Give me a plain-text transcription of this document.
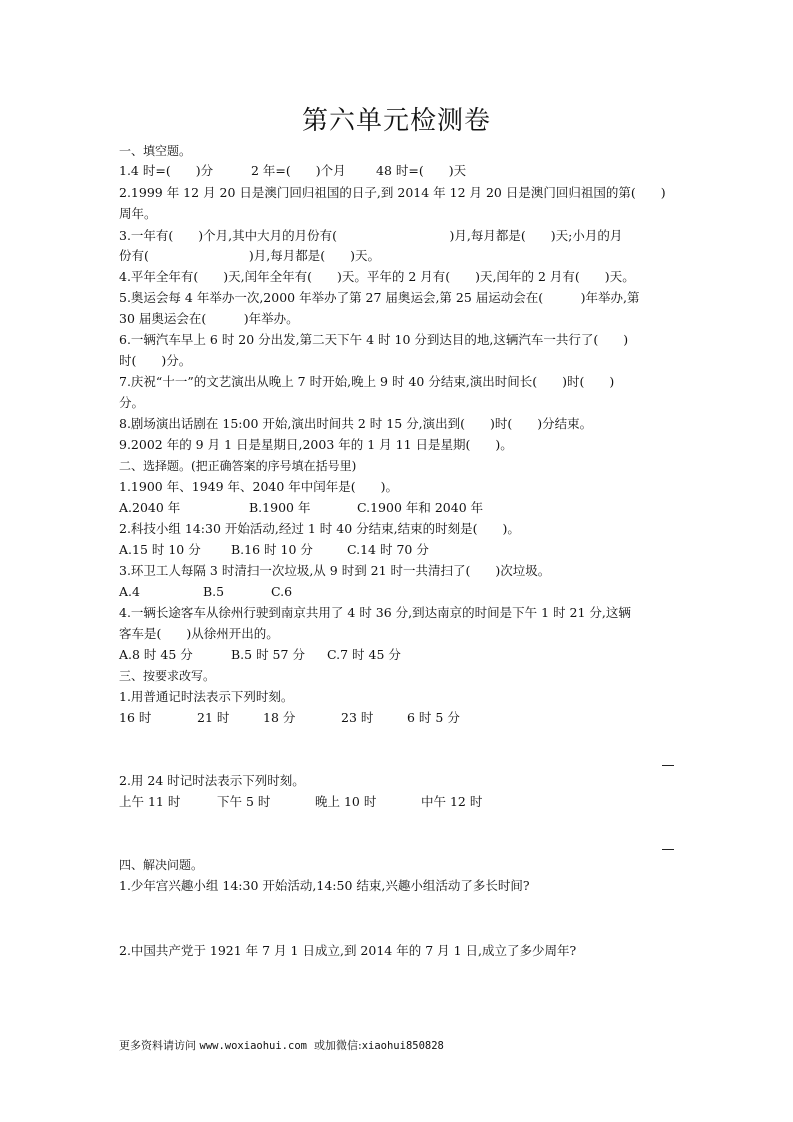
第六单元检测卷
一、填空题。
1.4 时=(　　)分	2 年=(　　)个月 48 时=(　　)天
2.1999 年 12 月 20 日是澳门回归祖国的日子,到 2014 年 12 月 20 日是澳门回归祖国的第(　　)
周年。
3.一年有(　　)个月,其中大月的月份有(　　　　　　　　　)月,每月都是(　　)天;小月的月
份有(　　　　　　　　)月,每月都是(　　)天。
4.平年全年有(　　)天,闰年全年有(　　)天。平年的 2 月有(　　)天,闰年的 2 月有(　　)天。
5.奥运会每 4 年举办一次,2000 年举办了第 27 届奥运会,第 25 届运动会在(　　　)年举办,第
30 届奥运会在(　　　)年举办。
6.一辆汽车早上 6 时 20 分出发,第二天下午 4 时 10 分到达目的地,这辆汽车一共行了(　　)
时(　　)分。
7.庆祝“十一”的文艺演出从晚上 7 时开始,晚上 9 时 40 分结束,演出时间长(　　)时(　　)
分。
8.剧场演出话剧在 15:00 开始,演出时间共 2 时 15 分,演出到(　　)时(　　)分结束。
9.2002 年的 9 月 1 日是星期日,2003 年的 1 月 11 日是星期(　　)。
二、选择题。(把正确答案的序号填在括号里)
1.1900 年、1949 年、2040 年中闰年是(　　)。
A.2040 年	B.1900 年	C.1900 年和 2040 年
2.科技小组 14:30 开始活动,经过 1 时 40 分结束,结束的时刻是(　　)。
A.15 时 10 分 B.16 时 10 分	C.14 时 70 分
3.环卫工人每隔 3 时清扫一次垃圾,从 9 时到 21 时一共清扫了(　　)次垃圾。
A.4	B.5	C.6
4.一辆长途客车从徐州行驶到南京共用了 4 时 36 分,到达南京的时间是下午 1 时 21 分,这辆
客车是(　　)从徐州开出的。
A.8 时 45 分	B.5 时 57 分 C.7 时 45 分
三、按要求改写。
1.用普通记时法表示下列时刻。
16 时	21 时	18 分	23 时	6 时 5 分
2.用 24 时记时法表示下列时刻。
上午 11 时	下午 5 时	晚上 10 时	中午 12 时
四、解决问题。
1.少年宫兴趣小组 14:30 开始活动,14:50 结束,兴趣小组活动了多长时间?
2.中国共产党于 1921 年 7 月 1 日成立,到 2014 年的 7 月 1 日,成立了多少周年?
更多资料请访问 www.woxiaohui.com 或加微信:xiaohui850828
